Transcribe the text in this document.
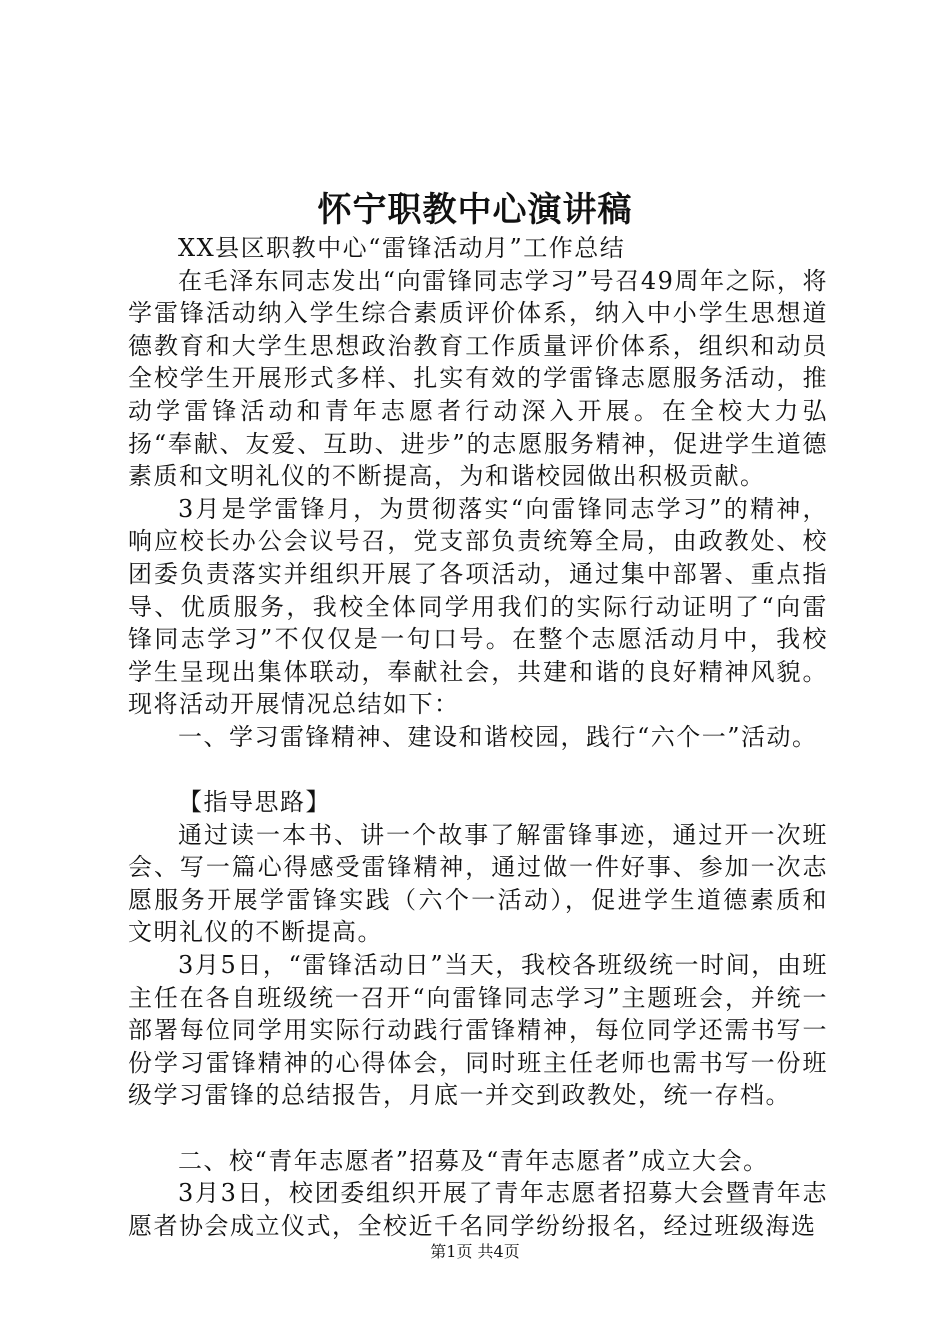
怀宁职教中心演讲稿

XX县区职教中心“雷锋活动月”工作总结

在毛泽东同志发出“向雷锋同志学习”号召49周年之际，将学雷锋活动纳入学生综合素质评价体系，纳入中小学生思想道德教育和大学生思想政治教育工作质量评价体系，组织和动员全校学生开展形式多样、扎实有效的学雷锋志愿服务活动，推动学雷锋活动和青年志愿者行动深入开展。在全校大力弘扬“奉献、友爱、互助、进步”的志愿服务精神，促进学生道德素质和文明礼仪的不断提高，为和谐校园做出积极贡献。

3月是学雷锋月，为贯彻落实“向雷锋同志学习”的精神，响应校长办公会议号召，党支部负责统筹全局，由政教处、校团委负责落实并组织开展了各项活动，通过集中部署、重点指导、优质服务，我校全体同学用我们的实际行动证明了“向雷锋同志学习”不仅仅是一句口号。在整个志愿活动月中，我校学生呈现出集体联动，奉献社会，共建和谐的良好精神风貌。现将活动开展情况总结如下：

一、学习雷锋精神、建设和谐校园，践行“六个一”活动。

【指导思路】

通过读一本书、讲一个故事了解雷锋事迹，通过开一次班会、写一篇心得感受雷锋精神，通过做一件好事、参加一次志愿服务开展学雷锋实践（六个一活动），促进学生道德素质和文明礼仪的不断提高。

3月5日，“雷锋活动日”当天，我校各班级统一时间，由班主任在各自班级统一召开“向雷锋同志学习”主题班会，并统一部署每位同学用实际行动践行雷锋精神，每位同学还需书写一份学习雷锋精神的心得体会，同时班主任老师也需书写一份班级学习雷锋的总结报告，月底一并交到政教处，统一存档。

二、校“青年志愿者”招募及“青年志愿者”成立大会。

3月3日，校团委组织开展了青年志愿者招募大会暨青年志愿者协会成立仪式，全校近千名同学纷纷报名，经过班级海选

第1页 共4页
